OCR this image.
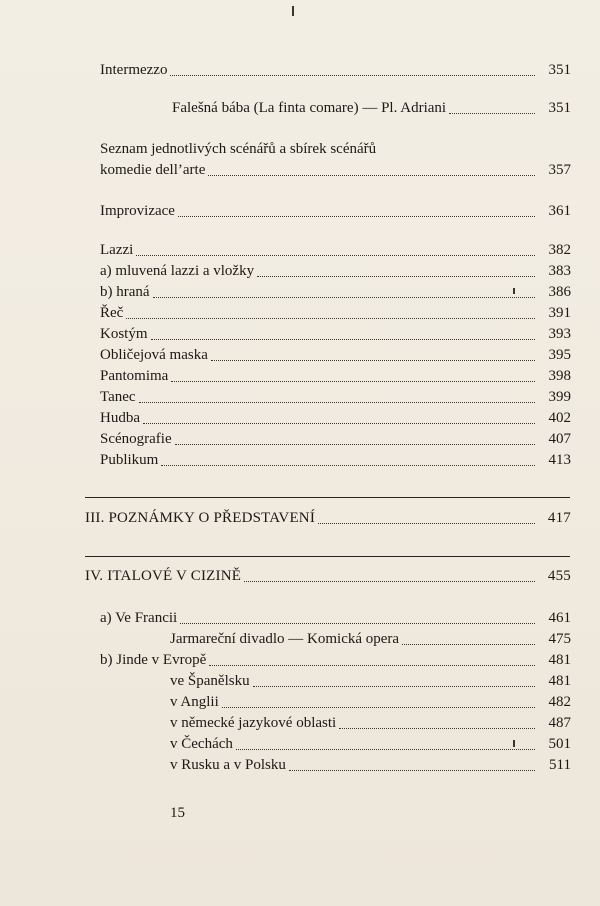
Intermezzo	351
Falešná bába (La finta comare) — Pl. Adriani	351
Seznam jednotlivých scénářů a sbírek scénářů
komedie dell’arte	357
Improvizace	361
Lazzi	382
a) mluvená lazzi a vložky	383
b) hraná	386
Řeč	391
Kostým	393
Obličejová maska	395
Pantomima	398
Tanec	399
Hudba	402
Scénografie	407
Publikum	413
III. POZNÁMKY O PŘEDSTAVENÍ	417
IV. ITALOVÉ V CIZINĚ	455
a) Ve Francii	461
Jarmareční divadlo — Komická opera	475
b) Jinde v Evropě	481
ve Španělsku	481
v Anglii	482
v německé jazykové oblasti	487
v Čechách	501
v Rusku a v Polsku	511
15
